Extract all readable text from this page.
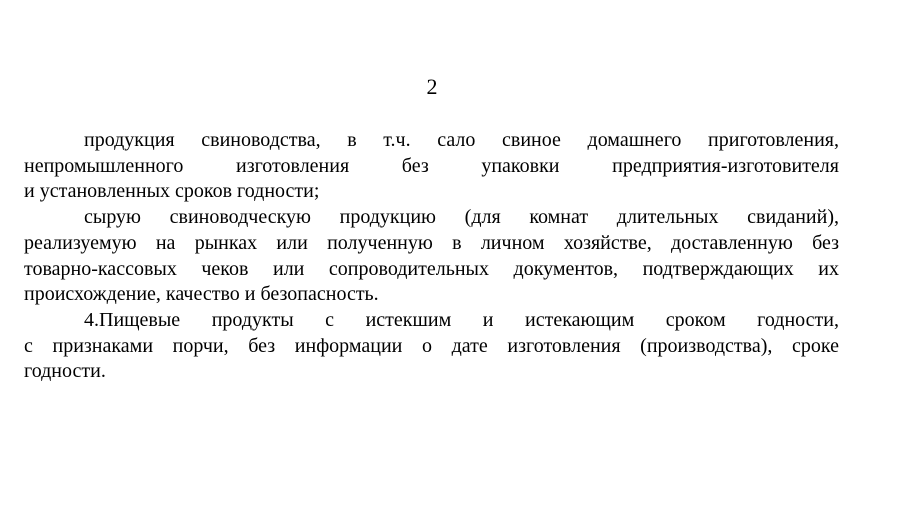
2
продукция свиноводства, в т.ч. сало свиное домашнего приготовления,
непромышленного изготовления без упаковки предприятия-изготовителя
и установленных сроков годности;
сырую свиноводческую продукцию (для комнат длительных свиданий),
реализуемую на рынках или полученную в личном хозяйстве, доставленную без
товарно-кассовых чеков или сопроводительных документов, подтверждающих их
происхождение, качество и безопасность.
4.Пищевые продукты с истекшим и истекающим сроком годности,
с признаками порчи, без информации о дате изготовления (производства), сроке
годности.
